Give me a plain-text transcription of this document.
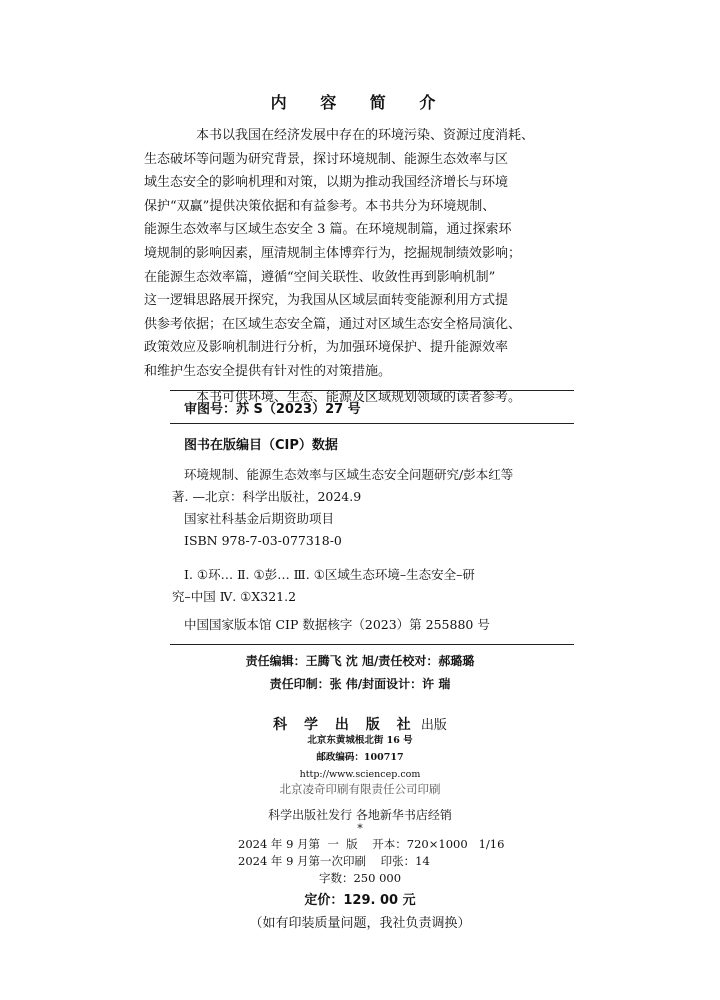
内 容 简 介

本书以我国在经济发展中存在的环境污染、资源过度消耗、
生态破坏等问题为研究背景，探讨环境规制、能源生态效率与区
域生态安全的影响机理和对策，以期为推动我国经济增长与环境
保护“双赢”提供决策依据和有益参考。本书共分为环境规制、
能源生态效率与区域生态安全 3 篇。在环境规制篇，通过探索环
境规制的影响因素，厘清规制主体博弈行为，挖掘规制绩效影响；
在能源生态效率篇，遵循“空间关联性、收敛性再到影响机制”
这一逻辑思路展开探究，为我国从区域层面转变能源利用方式提
供参考依据；在区域生态安全篇，通过对区域生态安全格局演化、
政策效应及影响机制进行分析，为加强环境保护、提升能源效率
和维护生态安全提供有针对性的对策措施。

本书可供环境、生态、能源及区域规划领域的读者参考。

审图号：苏 S（2023）27 号
图书在版编目（CIP）数据
环境规制、能源生态效率与区域生态安全问题研究/彭本红等
著. —北京：科学出版社，2024.9
国家社科基金后期资助项目
ISBN 978-7-03-077318-0
Ⅰ. ①环… Ⅱ. ①彭… Ⅲ. ①区域生态环境–生态安全–研
究–中国 Ⅳ. ①X321.2
中国国家版本馆 CIP 数据核字（2023）第 255880 号
责任编辑：王腾飞 沈 旭/责任校对：郝璐璐
责任印制：张 伟/封面设计：许 瑞
科 学 出 版 社 出版
北京东黄城根北街 16 号
邮政编码：100717
http://www.sciencep.com
北京凌奇印刷有限责任公司印刷
科学出版社发行 各地新华书店经销
*
2024 年 9 月第  一  版    开本：720×1000   1/16
2024 年 9 月第一次印刷    印张：14
字数：250 000
定价：129. 00 元
（如有印装质量问题，我社负责调换）
